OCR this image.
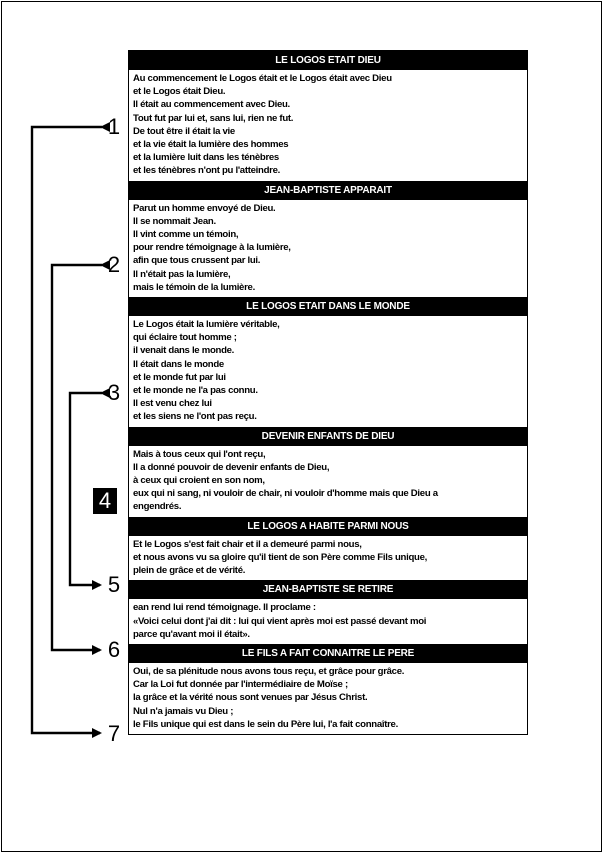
1
2
3
4
5
6
7
LE LOGOS ETAIT DIEU
Au commencement le Logos était et le Logos était avec Dieu
et le Logos était Dieu.
Il était au commencement avec Dieu.
Tout fut par lui et, sans lui, rien ne fut.
De tout être il était la vie
et la vie était la lumière des hommes
et la lumière luit dans les ténèbres
et les ténèbres n'ont pu l'atteindre.
JEAN-BAPTISTE APPARAIT
Parut un homme envoyé de Dieu.
Il se nommait Jean.
Il vint comme un témoin,
pour rendre témoignage à la lumière,
afin que tous crussent par lui.
Il n'était pas la lumière,
mais le témoin de la lumière.
LE LOGOS ETAIT DANS LE MONDE
Le Logos était la lumière véritable,
qui éclaire tout homme ;
il venait dans le monde.
Il était dans le monde
et le monde fut par lui
et le monde ne l'a pas connu.
Il est venu chez lui
et les siens ne l'ont pas reçu.
DEVENIR ENFANTS DE DIEU
Mais à tous ceux qui l'ont reçu,
Il a donné pouvoir de devenir enfants de Dieu,
à ceux qui croient en son nom,
eux qui ni sang, ni vouloir de chair, ni vouloir d'homme mais que Dieu a
engendrés.
LE LOGOS A HABITE PARMI NOUS
Et le Logos s'est fait chair et il a demeuré parmi nous,
et nous avons vu sa gloire qu'il tient de son Père comme Fils unique,
plein de grâce et de vérité.
JEAN-BAPTISTE SE RETIRE
ean rend lui rend témoignage. Il proclame :
«Voici celui dont j'ai dit : lui qui vient après moi est passé devant moi
parce qu'avant moi il était».
LE FILS A FAIT CONNAITRE LE PERE
Oui, de sa plénitude nous avons tous reçu, et grâce pour grâce.
Car la Loi fut donnée par l'intermédiaire de Moïse ;
la grâce et la vérité nous sont venues par Jésus Christ.
Nul n'a jamais vu Dieu ;
le Fils unique qui est dans le sein du Père lui, l'a fait connaître.
